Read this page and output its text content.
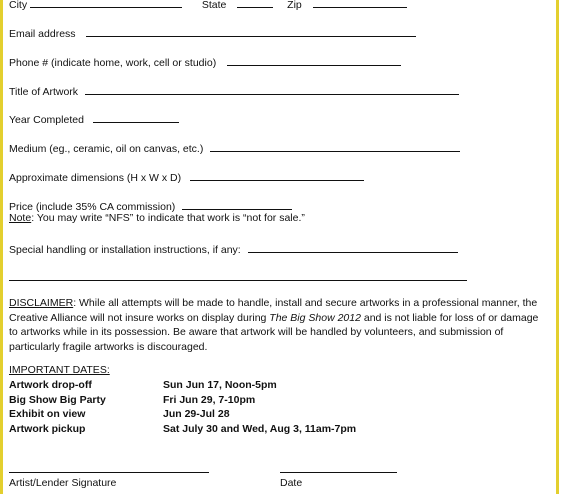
City	State	Zip
Email address
Phone # (indicate home, work, cell or studio)
Title of Artwork
Year Completed
Medium (eg., ceramic, oil on canvas, etc.)
Approximate dimensions (H x W x D)
Price (include 35% CA commission)
Note: You may write “NFS” to indicate that work is “not for sale.”
Special handling or installation instructions, if any:
DISCLAIMER: While all attempts will be made to handle, install and secure artworks in a professional manner, the Creative Alliance will not insure works on display during The Big Show 2012 and is not liable for loss of or damage to artworks while in its possession. Be aware that artwork will be handled by volunteers, and submission of particularly fragile artworks is discouraged.
IMPORTANT DATES:
Artwork drop-off	Sun Jun 17, Noon-5pm
Big Show Big Party	Fri Jun 29, 7-10pm
Exhibit on view	Jun 29-Jul 28
Artwork pickup	Sat July 30 and Wed, Aug 3, 11am-7pm
Artist/Lender Signature	Date
